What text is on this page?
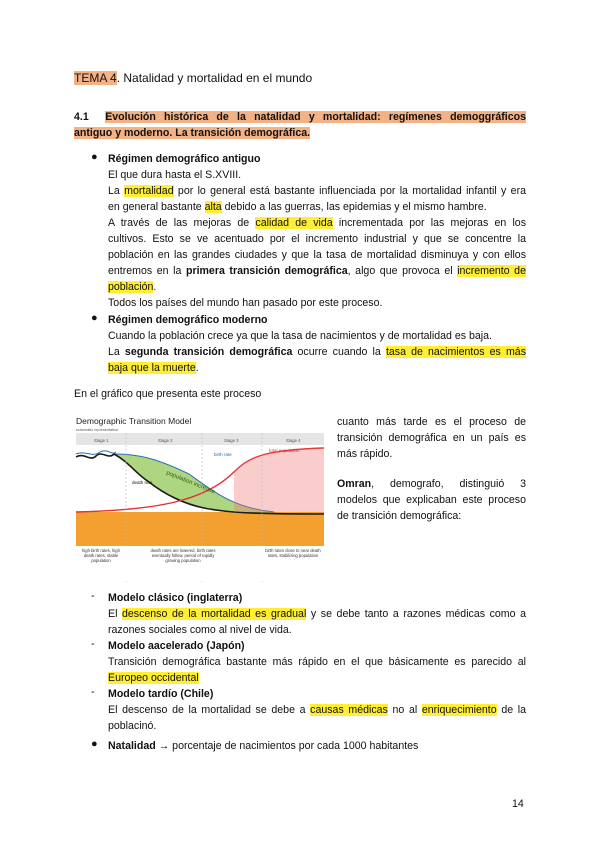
TEMA 4. Natalidad y mortalidad en el mundo

4.1 Evolución histórica de la natalidad y mortalidad: regímenes demoggráficos

antiguo y moderno. La transición demográfica.

● Régimen demográfico antiguo

El que dura hasta el S.XVIII.

La mortalidad por lo general está bastante influenciada por la mortalidad infantil y era

en general bastante alta debido a las guerras, las epidemias y el mismo hambre.

A través de las mejoras de calidad de vida incrementada por las mejoras en los

cultivos. Esto se ve acentuado por el incremento industrial y que se concentre la

población en las grandes ciudades y que la tasa de mortalidad disminuya y con ellos

entremos en la primera transición demográfica, algo que provoca el incremento de

población.

Todos los países del mundo han pasado por este proceso.

● Régimen demográfico moderno

Cuando la población crece ya que la tasa de nacimientos y de mortalidad es baja.

La segunda transición demográfica ocurre cuando la tasa de nacimientos es más

baja que la muerte.

En el gráfico que presenta este proceso
Demographic Transition Model
schematic representation
Stage 1	Stage 2	Stage 3	Stage 4
birth rate
death rate
total population
population increase
high birth rates, high death rates, stable population
death rates are lowered, birth rates eventually follow, period of rapidly growing population
birth rates close to near death rates, stabilizing population
cuanto más tarde es el proceso de transición demográfica en un país es más rápido.
Omran, demografo, distinguió 3 modelos que explicaban este proceso de transición demográfica:
- Modelo clásico (inglaterra)

El descenso de la mortalidad es gradual y se debe tanto a razones médicas como a

razones sociales como al nivel de vida.

- Modelo aacelerado (Japón)

Transición demográfica bastante más rápido en el que básicamente es parecido al

Europeo occidental

- Modelo tardío (Chile)

El descenso de la mortalidad se debe a causas médicas no al enriquecimiento de la

poblacinó.

● Natalidad → porcentaje de nacimientos por cada 1000 habitantes
14
